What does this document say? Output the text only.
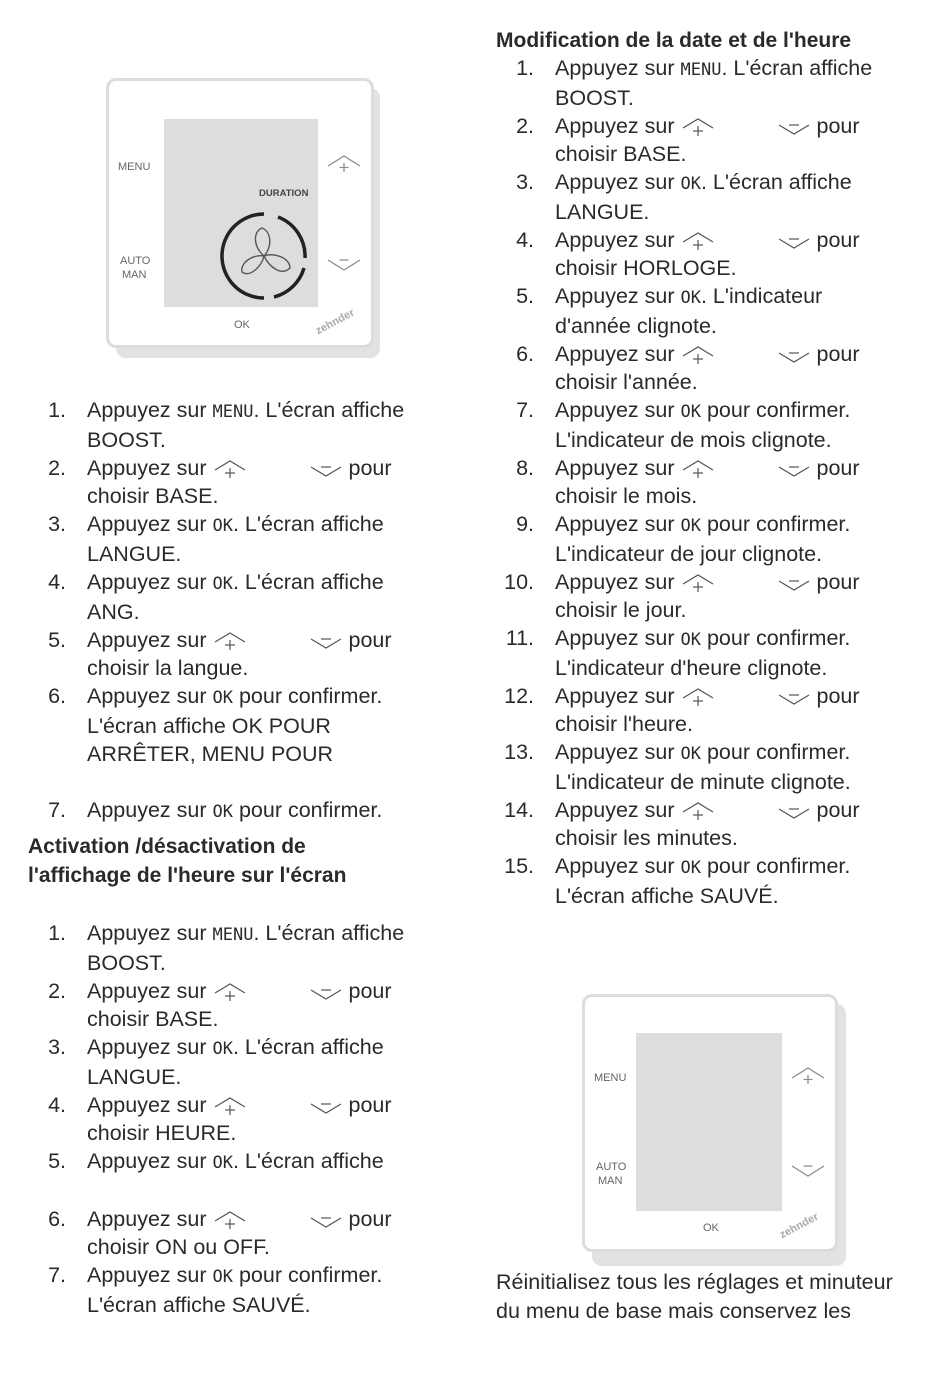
MENU
AUTO
MAN
DURATION
OK	zehnder
1. Appuyez sur MENU. L'écran affiche
BOOST.
2. Appuyez sur	pour
choisir BASE.
3. Appuyez sur OK. L'écran affiche
LANGUE.
4. Appuyez sur OK. L'écran affiche
ANG.
5. Appuyez sur	pour
choisir la langue.
6. Appuyez sur OK pour confirmer.
L'écran affiche OK POUR
ARRÊTER, MENU POUR
7. Appuyez sur OK pour confirmer.
Activation /désactivation de
l'affichage de l'heure sur l'écran
1. Appuyez sur MENU. L'écran affiche
BOOST.
2. Appuyez sur	pour
choisir BASE.
3. Appuyez sur OK. L'écran affiche
LANGUE.
4. Appuyez sur	pour
choisir HEURE.
5. Appuyez sur OK. L'écran affiche
6. Appuyez sur	pour
choisir ON ou OFF.
7. Appuyez sur OK pour confirmer.
L'écran affiche SAUVÉ.
Modification de la date et de l'heure
1. Appuyez sur MENU. L'écran affiche
BOOST.
2. Appuyez sur	pour
choisir BASE.
3. Appuyez sur OK. L'écran affiche
LANGUE.
4. Appuyez sur	pour
choisir HORLOGE.
5. Appuyez sur OK. L'indicateur
d'année clignote.
6. Appuyez sur	pour
choisir l'année.
7. Appuyez sur OK pour confirmer.
L'indicateur de mois clignote.
8. Appuyez sur	pour
choisir le mois.
9. Appuyez sur OK pour confirmer.
L'indicateur de jour clignote.
10. Appuyez sur	pour
choisir le jour.
11. Appuyez sur OK pour confirmer.
L'indicateur d'heure clignote.
12. Appuyez sur	pour
choisir l'heure.
13. Appuyez sur OK pour confirmer.
L'indicateur de minute clignote.
14. Appuyez sur	pour
choisir les minutes.
15. Appuyez sur OK pour confirmer.
L'écran affiche SAUVÉ.
MENU
AUTO
MAN
OK	zehnder

Réinitialisez tous les réglages et minuteur
du menu de base mais conservez les
